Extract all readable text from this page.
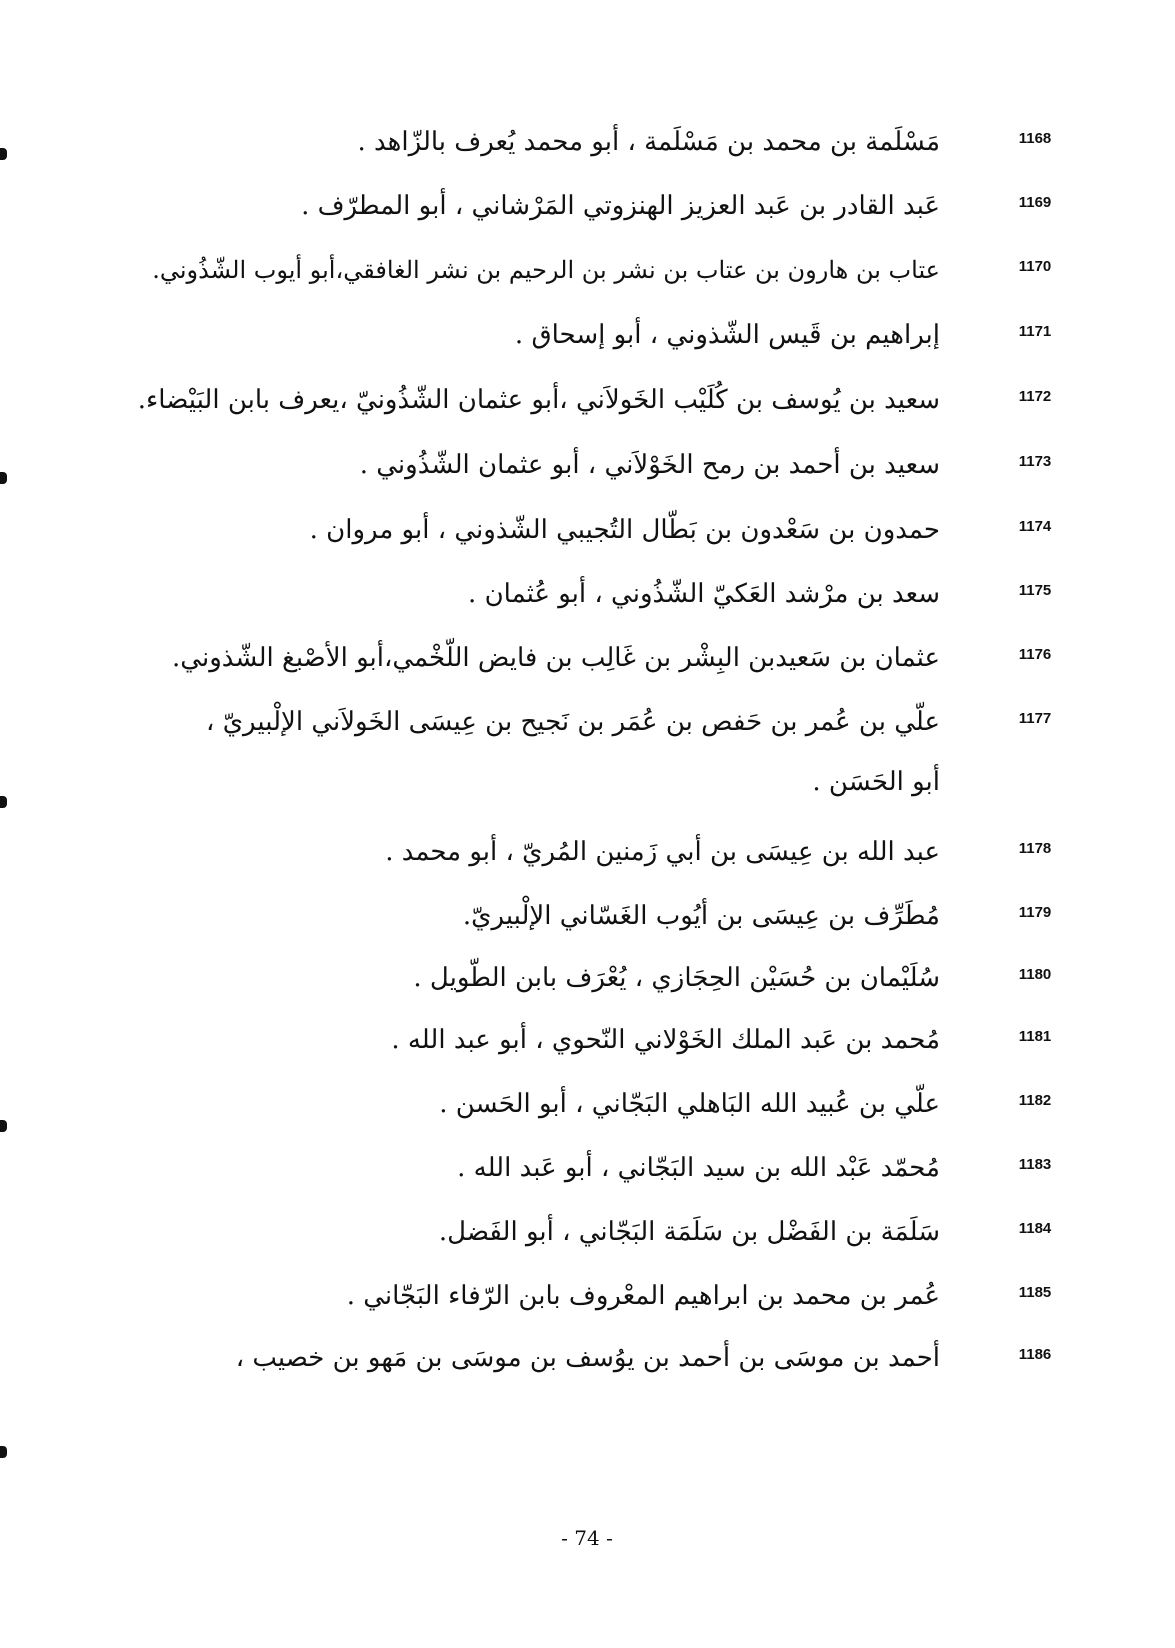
1168
مَسْلَمة بن محمد بن مَسْلَمة ، أبو محمد يُعرف بالزّاهد .
1169
عَبد القادر بن عَبد العزيز الهنزوتي المَرْشاني ، أبو المطرّف .
1170
عتاب بن هارون بن عتاب بن نشر بن الرحيم بن نشر الغافقي،أبو أيوب الشّذُوني.
1171
إبراهيم بن قَيس الشّذوني ، أبو إسحاق .
1172
سعيد بن يُوسف بن كُلَيْب الخَولاَني ،أبو عثمان الشّذُونيّ ،يعرف بابن البَيْضاء.
1173
سعيد بن أحمد بن رمح الخَوْلاَني ، أبو عثمان الشّذُوني .
1174
حمدون بن سَعْدون بن بَطّال التُجيبي الشّذوني ، أبو مروان .
1175
سعد بن مرْشد العَكيّ الشّذُوني ، أبو عُثمان .
1176
عثمان بن سَعيدبن البِشْر بن غَالِب بن فايض اللّخْمي،أبو الأصْبغ الشّذوني.
1177
علّي بن عُمر بن حَفص بن عُمَر بن نَجيح بن عِيسَى الخَولاَني الإلْبيريّ ،
أبو الحَسَن .
1178
عبد الله بن عِيسَى بن أبي زَمنين المُريّ ، أبو محمد .
1179
مُطَرِّف بن عِيسَى بن أيُوب الغَسّاني الإلْبيريّ.
1180
سُلَيْمان بن حُسَيْن الحِجَازي ، يُعْرَف بابن الطّويل .
1181
مُحمد بن عَبد الملك الخَوْلاني النّحوي ، أبو عبد الله .
1182
علّي بن عُبيد الله البَاهلي البَجّاني ، أبو الحَسن .
1183
مُحمّد عَبْد الله بن سيد البَجّاني ، أبو عَبد الله .
1184
سَلَمَة بن الفَضْل بن سَلَمَة البَجّاني ، أبو الفَضل.
1185
عُمر بن محمد بن ابراهيم المعْروف بابن الرّفاء البَجّاني .
1186
أحمد بن موسَى بن أحمد بن يوُسف بن موسَى بن مَهو بن خصيب ،
- 74 -
